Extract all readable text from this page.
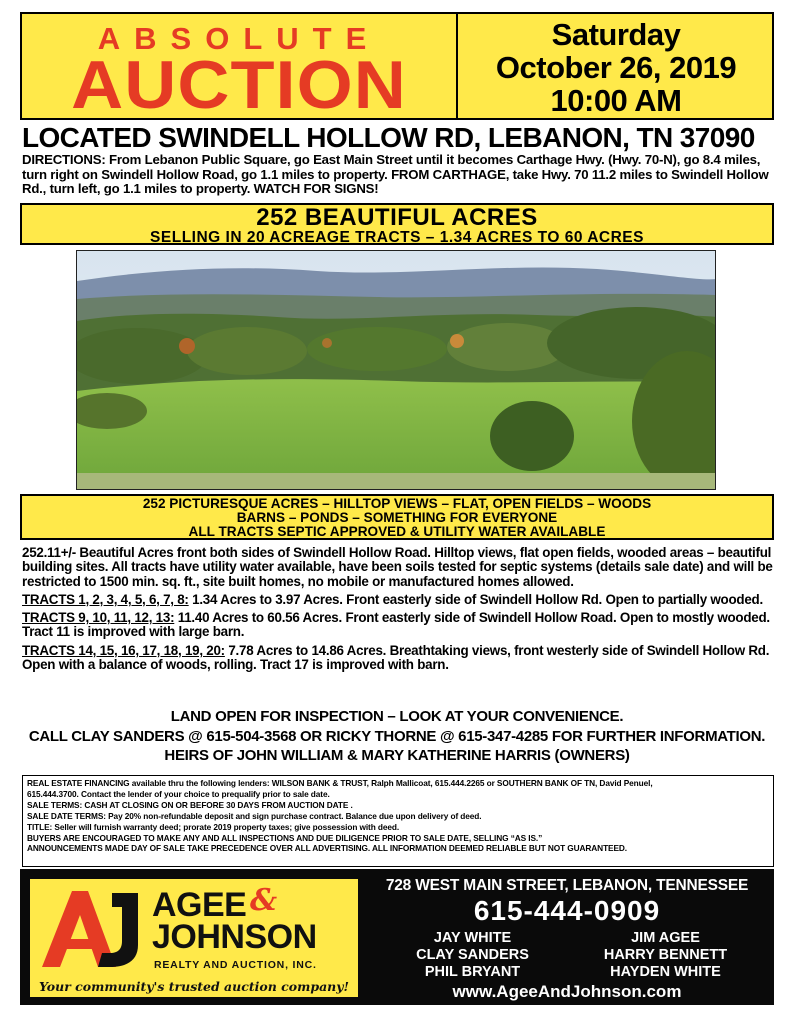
ABSOLUTE
AUCTION
Saturday
October 26, 2019
10:00 AM
LOCATED SWINDELL HOLLOW RD, LEBANON, TN 37090
DIRECTIONS: From Lebanon Public Square, go East Main Street until it becomes Carthage Hwy. (Hwy. 70-N), go 8.4 miles, turn right on Swindell Hollow Road, go 1.1 miles to property. FROM CARTHAGE, take Hwy. 70 11.2 miles to Swindell Hollow Rd., turn left, go 1.1 miles to property. WATCH FOR SIGNS!
252 BEAUTIFUL ACRES
SELLING IN 20 ACREAGE TRACTS – 1.34 ACRES TO 60 ACRES
252 PICTURESQUE ACRES – HILLTOP VIEWS – FLAT, OPEN FIELDS – WOODS
BARNS – PONDS – SOMETHING FOR EVERYONE
ALL TRACTS SEPTIC APPROVED & UTILITY WATER AVAILABLE

252.11+/- Beautiful Acres front both sides of Swindell Hollow Road. Hilltop views, flat open fields, wooded areas – beautiful building sites. All tracts have utility water available, have been soils tested for septic systems (details sale date) and will be restricted to 1500 min. sq. ft., site built homes, no mobile or manufactured homes allowed.

TRACTS 1, 2, 3, 4, 5, 6, 7, 8: 1.34 Acres to 3.97 Acres. Front easterly side of Swindell Hollow Rd. Open to partially wooded.

TRACTS 9, 10, 11, 12, 13: 11.40 Acres to 60.56 Acres. Front easterly side of Swindell Hollow Road. Open to mostly wooded. Tract 11 is improved with large barn.

TRACTS 14, 15, 16, 17, 18, 19, 20: 7.78 Acres to 14.86 Acres. Breathtaking views, front westerly side of Swindell Hollow Rd. Open with a balance of woods, rolling. Tract 17 is improved with barn.

LAND OPEN FOR INSPECTION – LOOK AT YOUR CONVENIENCE.
CALL CLAY SANDERS @ 615-504-3568 OR RICKY THORNE @ 615-347-4285 FOR FURTHER INFORMATION.
HEIRS OF JOHN WILLIAM & MARY KATHERINE HARRIS (OWNERS)
REAL ESTATE FINANCING available thru the following lenders: WILSON BANK & TRUST, Ralph Mallicoat, 615.444.2265 or SOUTHERN BANK OF TN, David Penuel,
615.444.3700. Contact the lender of your choice to prequalify prior to sale date.
SALE TERMS: CASH AT CLOSING ON OR BEFORE 30 DAYS FROM AUCTION DATE .
SALE DATE TERMS: Pay 20% non-refundable deposit and sign purchase contract. Balance due upon delivery of deed.
TITLE: Seller will furnish warranty deed; prorate 2019 property taxes; give possession with deed.
BUYERS ARE ENCOURAGED TO MAKE ANY AND ALL INSPECTIONS AND DUE DILIGENCE PRIOR TO SALE DATE, SELLING “AS IS.”
ANNOUNCEMENTS MADE DAY OF SALE TAKE PRECEDENCE OVER ALL ADVERTISING. ALL INFORMATION DEEMED RELIABLE BUT NOT GUARANTEED.
AGEE &
JOHNSON
REALTY AND AUCTION, INC.
Your community's trusted auction company!
728 WEST MAIN STREET, LEBANON, TENNESSEE
615-444-0909
JAY WHITE	JIM AGEE
CLAY SANDERS	HARRY BENNETT
PHIL BRYANT	HAYDEN WHITE
www.AgeeAndJohnson.com
